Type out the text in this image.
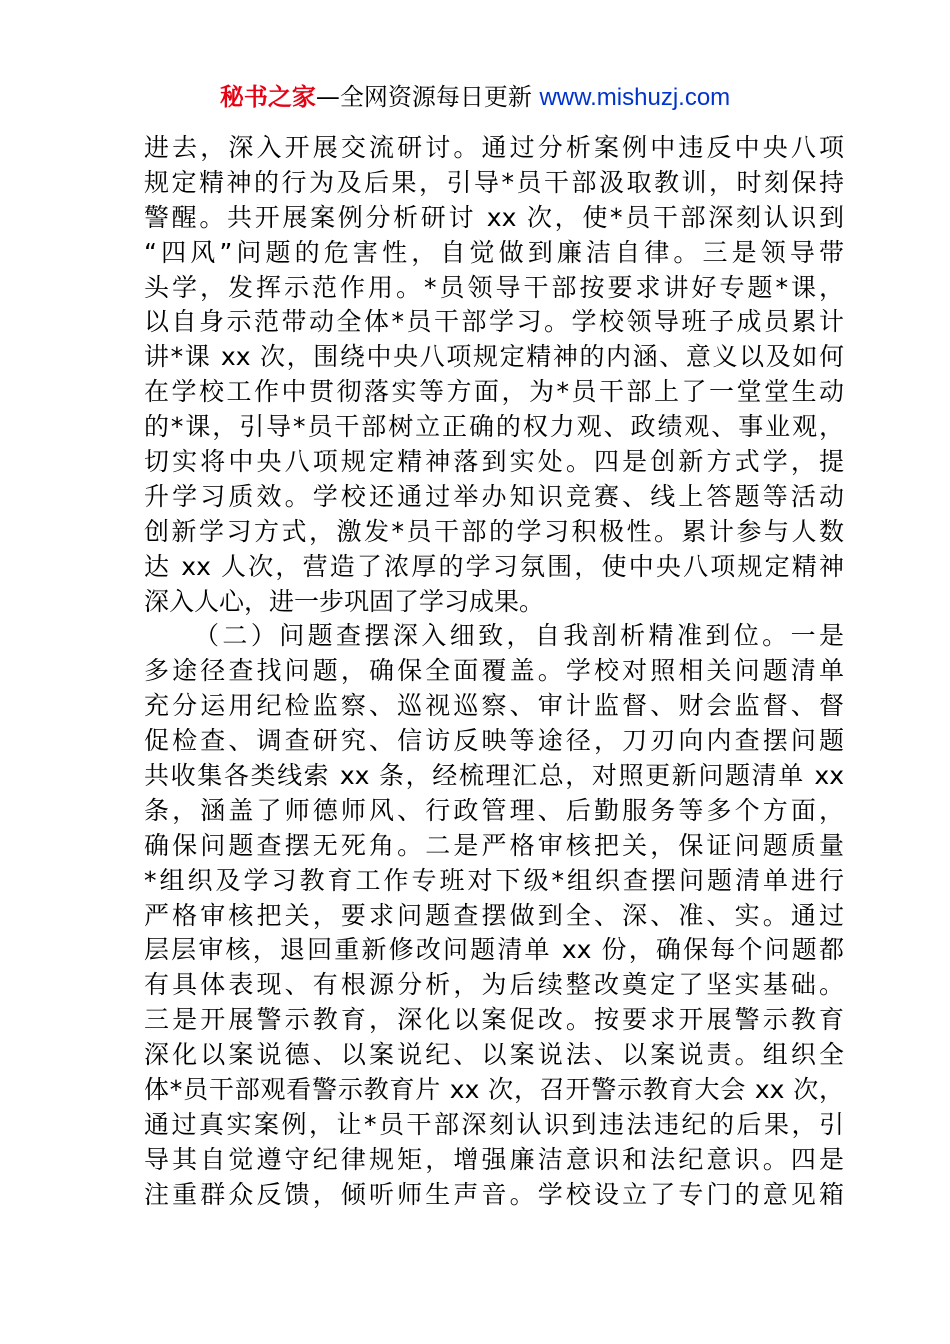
秘书之家—全网资源每日更新 www.mishuzj.com
进去，深入开展交流研讨。通过分析案例中违反中央八项
规定精神的行为及后果，引导*员干部汲取教训，时刻保持
警醒。共开展案例分析研讨 xx 次，使*员干部深刻认识到
“四风”问题的危害性，自觉做到廉洁自律。三是领导带
头学，发挥示范作用。*员领导干部按要求讲好专题*课，
以自身示范带动全体*员干部学习。学校领导班子成员累计
讲*课 xx 次，围绕中央八项规定精神的内涵、意义以及如何
在学校工作中贯彻落实等方面，为*员干部上了一堂堂生动
的*课，引导*员干部树立正确的权力观、政绩观、事业观，
切实将中央八项规定精神落到实处。四是创新方式学，提
升学习质效。学校还通过举办知识竞赛、线上答题等活动
创新学习方式，激发*员干部的学习积极性。累计参与人数
达 xx 人次，营造了浓厚的学习氛围，使中央八项规定精神
深入人心，进一步巩固了学习成果。
（二）问题查摆深入细致，自我剖析精准到位。一是
多途径查找问题，确保全面覆盖。学校对照相关问题清单
充分运用纪检监察、巡视巡察、审计监督、财会监督、督
促检查、调查研究、信访反映等途径，刀刃向内查摆问题
共收集各类线索 xx 条，经梳理汇总，对照更新问题清单 xx
条，涵盖了师德师风、行政管理、后勤服务等多个方面，
确保问题查摆无死角。二是严格审核把关，保证问题质量
*组织及学习教育工作专班对下级*组织查摆问题清单进行
严格审核把关，要求问题查摆做到全、深、准、实。通过
层层审核，退回重新修改问题清单 xx 份，确保每个问题都
有具体表现、有根源分析，为后续整改奠定了坚实基础。
三是开展警示教育，深化以案促改。按要求开展警示教育
深化以案说德、以案说纪、以案说法、以案说责。组织全
体*员干部观看警示教育片 xx 次，召开警示教育大会 xx 次，
通过真实案例，让*员干部深刻认识到违法违纪的后果，引
导其自觉遵守纪律规矩，增强廉洁意识和法纪意识。四是
注重群众反馈，倾听师生声音。学校设立了专门的意见箱
